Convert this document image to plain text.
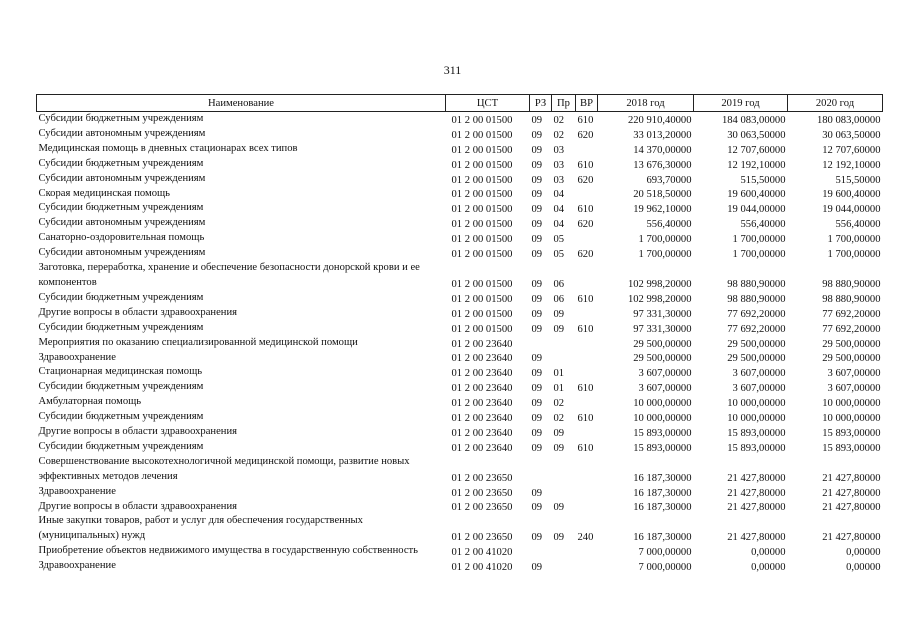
311
Наименование	ЦСТ	РЗ	Пр	ВР	2018 год	2019 год	2020 год
Субсидии бюджетным учреждениям	01 2 00 01500	09	02	610	220 910,40000	184 083,00000	180 083,00000
Субсидии автономным учреждениям	01 2 00 01500	09	02	620	33 013,20000	30 063,50000	30 063,50000
Медицинская помощь в дневных стационарах всех типов	01 2 00 01500	09	03		14 370,00000	12 707,60000	12 707,60000
Субсидии бюджетным учреждениям	01 2 00 01500	09	03	610	13 676,30000	12 192,10000	12 192,10000
Субсидии автономным учреждениям	01 2 00 01500	09	03	620	693,70000	515,50000	515,50000
Скорая медицинская помощь	01 2 00 01500	09	04		20 518,50000	19 600,40000	19 600,40000
Субсидии бюджетным учреждениям	01 2 00 01500	09	04	610	19 962,10000	19 044,00000	19 044,00000
Субсидии автономным учреждениям	01 2 00 01500	09	04	620	556,40000	556,40000	556,40000
Санаторно-оздоровительная помощь	01 2 00 01500	09	05		1 700,00000	1 700,00000	1 700,00000
Субсидии автономным учреждениям	01 2 00 01500	09	05	620	1 700,00000	1 700,00000	1 700,00000
Заготовка, переработка, хранение и обеспечение безопасности донорской крови и ее компонентов	01 2 00 01500	09	06		102 998,20000	98 880,90000	98 880,90000
Субсидии бюджетным учреждениям	01 2 00 01500	09	06	610	102 998,20000	98 880,90000	98 880,90000
Другие вопросы в области здравоохранения	01 2 00 01500	09	09		97 331,30000	77 692,20000	77 692,20000
Субсидии бюджетным учреждениям	01 2 00 01500	09	09	610	97 331,30000	77 692,20000	77 692,20000
Мероприятия по оказанию специализированной медицинской помощи	01 2 00 23640				29 500,00000	29 500,00000	29 500,00000
Здравоохранение	01 2 00 23640	09			29 500,00000	29 500,00000	29 500,00000
Стационарная медицинская помощь	01 2 00 23640	09	01		3 607,00000	3 607,00000	3 607,00000
Субсидии бюджетным учреждениям	01 2 00 23640	09	01	610	3 607,00000	3 607,00000	3 607,00000
Амбулаторная помощь	01 2 00 23640	09	02		10 000,00000	10 000,00000	10 000,00000
Субсидии бюджетным учреждениям	01 2 00 23640	09	02	610	10 000,00000	10 000,00000	10 000,00000
Другие вопросы в области здравоохранения	01 2 00 23640	09	09		15 893,00000	15 893,00000	15 893,00000
Субсидии бюджетным учреждениям	01 2 00 23640	09	09	610	15 893,00000	15 893,00000	15 893,00000
Совершенствование высокотехнологичной медицинской помощи, развитие новых эффективных методов лечения	01 2 00 23650				16 187,30000	21 427,80000	21 427,80000
Здравоохранение	01 2 00 23650	09			16 187,30000	21 427,80000	21 427,80000
Другие вопросы в области здравоохранения	01 2 00 23650	09	09		16 187,30000	21 427,80000	21 427,80000
Иные закупки товаров, работ и услуг для обеспечения государственных (муниципальных) нужд	01 2 00 23650	09	09	240	16 187,30000	21 427,80000	21 427,80000
Приобретение объектов недвижимого имущества в государственную собственность	01 2 00 41020				7 000,00000	0,00000	0,00000
Здравоохранение	01 2 00 41020	09			7 000,00000	0,00000	0,00000
